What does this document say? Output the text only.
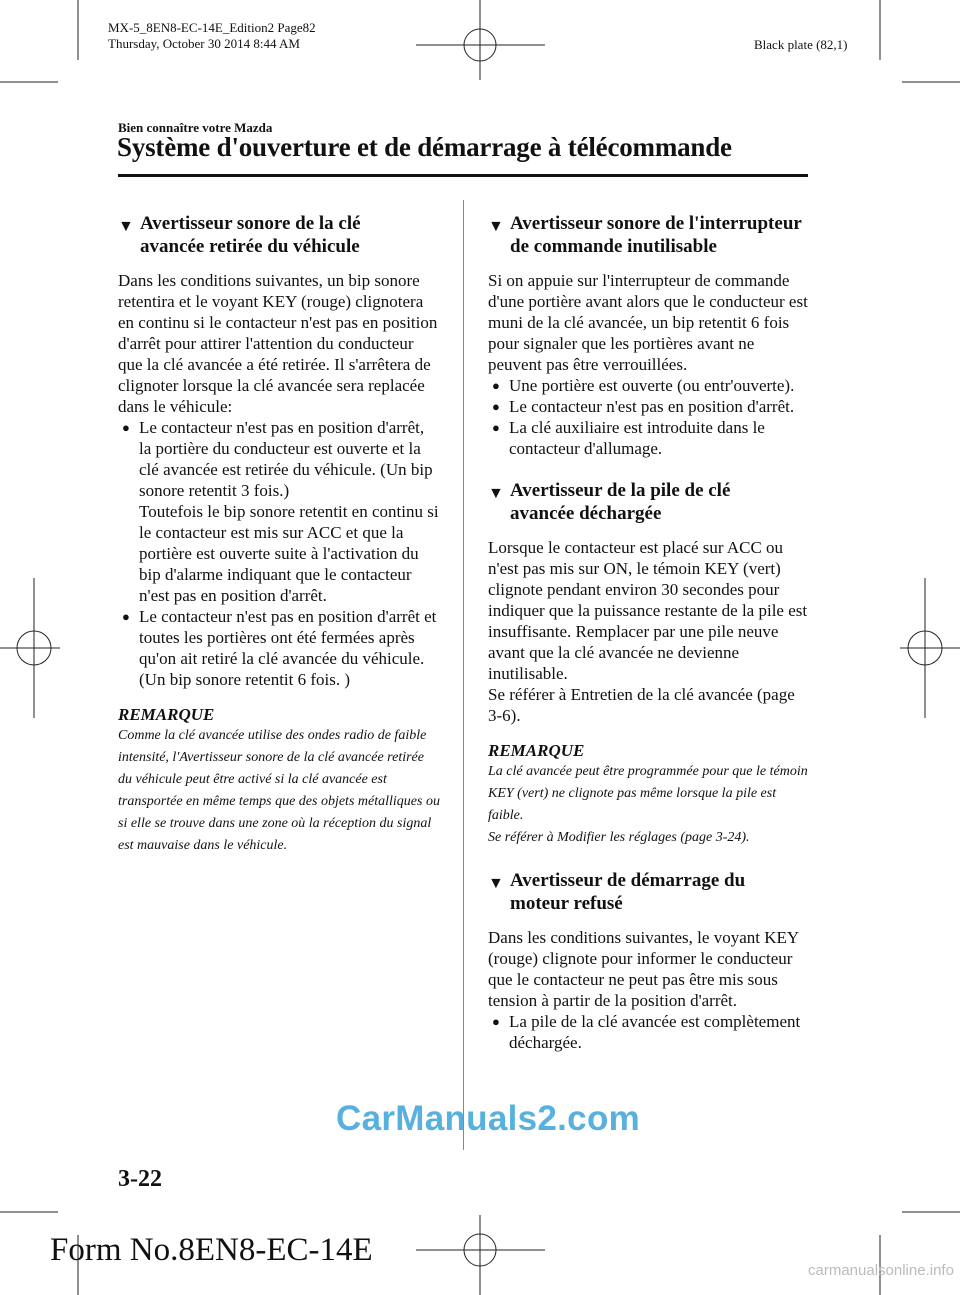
MX-5_8EN8-EC-14E_Edition2 Page82
Thursday, October 30 2014 8:44 AM	Black plate (82,1)
Bien connaître votre Mazda
Système d'ouverture et de démarrage à télécommande
▼ Avertisseur sonore de la clé
avancée retirée du véhicule

Dans les conditions suivantes, un bip sonore retentira et le voyant KEY (rouge) clignotera en continu si le contacteur n'est pas en position d'arrêt pour attirer l'attention du conducteur que la clé avancée a été retirée. Il s'arrêtera de clignoter lorsque la clé avancée sera replacée dans le véhicule:

● Le contacteur n'est pas en position d'arrêt, la portière du conducteur est ouverte et la clé avancée est retirée du véhicule. (Un bip sonore retentit 3 fois.)
Toutefois le bip sonore retentit en continu si le contacteur est mis sur ACC et que la portière est ouverte suite à l'activation du bip d'alarme indiquant que le contacteur n'est pas en position d'arrêt.
● Le contacteur n'est pas en position d'arrêt et toutes les portières ont été fermées après qu'on ait retiré la clé avancée du véhicule. (Un bip sonore retentit 6 fois. )
REMARQUE
Comme la clé avancée utilise des ondes radio de faible intensité, l'Avertisseur sonore de la clé avancée retirée du véhicule peut être activé si la clé avancée est transportée en même temps que des objets métalliques ou si elle se trouve dans une zone où la réception du signal est mauvaise dans le véhicule.
▼ Avertisseur sonore de l'interrupteur
de commande inutilisable

Si on appuie sur l'interrupteur de commande d'une portière avant alors que le conducteur est muni de la clé avancée, un bip retentit 6 fois pour signaler que les portières avant ne peuvent pas être verrouillées.

● Une portière est ouverte (ou entr'ouverte).
● Le contacteur n'est pas en position d'arrêt.
● La clé auxiliaire est introduite dans le contacteur d'allumage.
▼ Avertisseur de la pile de clé
avancée déchargée

Lorsque le contacteur est placé sur ACC ou n'est pas mis sur ON, le témoin KEY (vert) clignote pendant environ 30 secondes pour indiquer que la puissance restante de la pile est insuffisante. Remplacer par une pile neuve avant que la clé avancée ne devienne inutilisable.

Se référer à Entretien de la clé avancée (page 3-6).

REMARQUE
La clé avancée peut être programmée pour que le témoin KEY (vert) ne clignote pas même lorsque la pile est faible.
Se référer à Modifier les réglages (page 3-24).
▼ Avertisseur de démarrage du
moteur refusé

Dans les conditions suivantes, le voyant KEY (rouge) clignote pour informer le conducteur que le contacteur ne peut pas être mis sous tension à partir de la position d'arrêt.

● La pile de la clé avancée est complètement déchargée.
CarManuals2.com
3-22
Form No.8EN8-EC-14E
carmanualsonline.info
